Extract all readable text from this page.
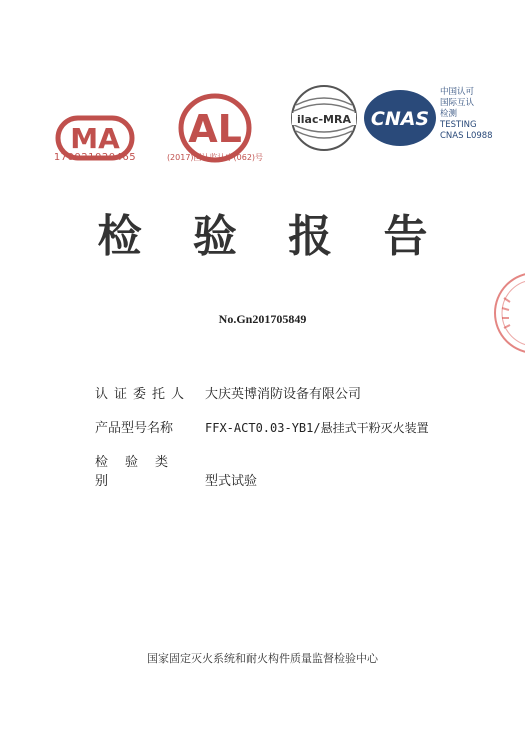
MA
170021020465
AL
(2017)国认监认字(062)号
ilac-MRA CNAS
中国认可
国际互认
检测
TESTING
CNAS L0988
检 验 报 告
No.Gn201705849
认证委托人 大庆英博消防设备有限公司
产品型号名称	FFX-ACT0.03-YB1/悬挂式干粉灭火装置
检验类别	型式试验
国家固定灭火系统和耐火构件质量监督检验中心
